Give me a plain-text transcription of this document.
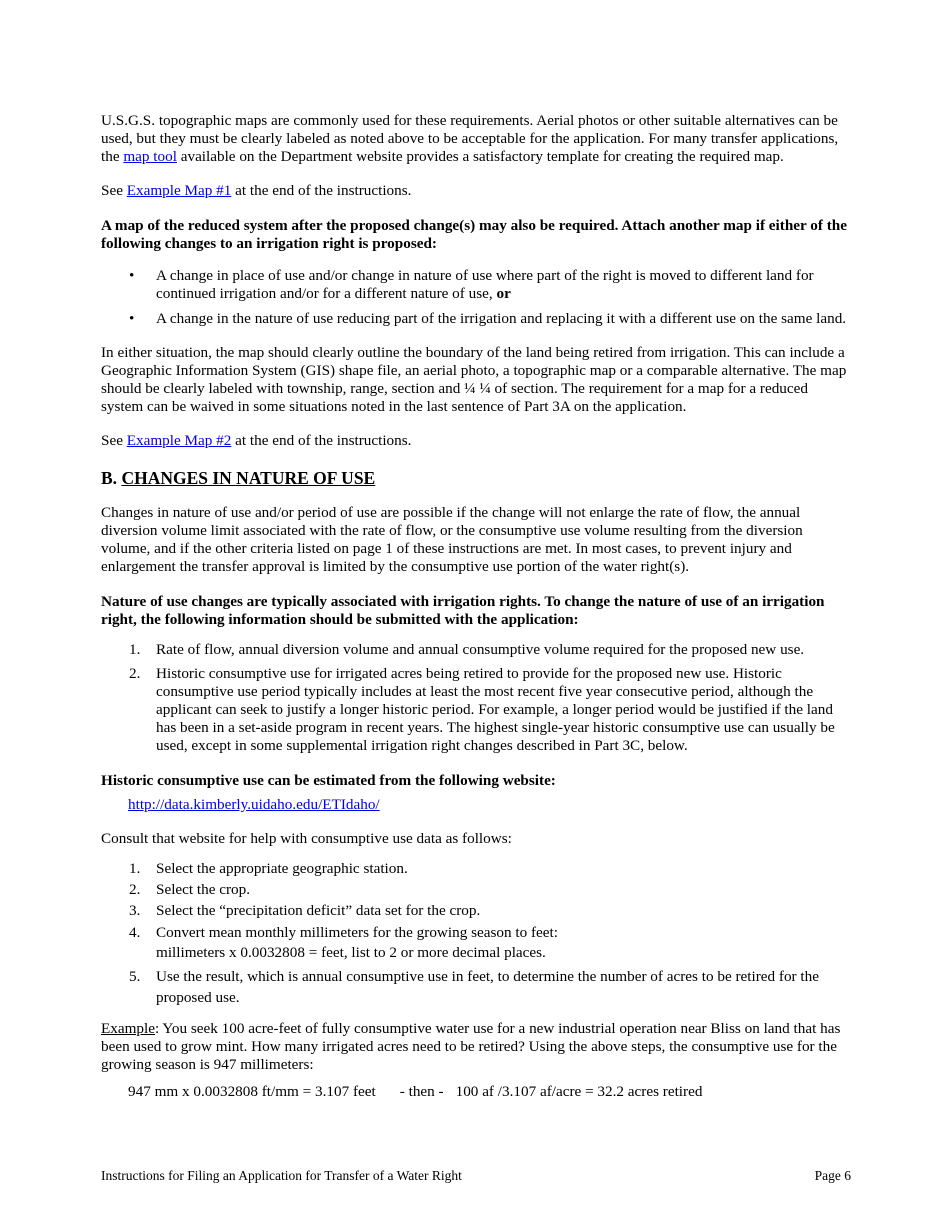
U.S.G.S. topographic maps are commonly used for these requirements. Aerial photos or other suitable alternatives can be used, but they must be clearly labeled as noted above to be acceptable for the application. For many transfer applications, the map tool available on the Department website provides a satisfactory template for creating the required map.

See Example Map #1 at the end of the instructions.

A map of the reduced system after the proposed change(s) may also be required. Attach another map if either of the following changes to an irrigation right is proposed:

• A change in place of use and/or change in nature of use where part of the right is moved to different land for continued irrigation and/or for a different nature of use, or
• A change in the nature of use reducing part of the irrigation and replacing it with a different use on the same land.

In either situation, the map should clearly outline the boundary of the land being retired from irrigation. This can include a Geographic Information System (GIS) shape file, an aerial photo, a topographic map or a comparable alternative. The map should be clearly labeled with township, range, section and ¼ ¼ of section. The requirement for a map for a reduced system can be waived in some situations noted in the last sentence of Part 3A on the application.

See Example Map #2 at the end of the instructions.

B. CHANGES IN NATURE OF USE

Changes in nature of use and/or period of use are possible if the change will not enlarge the rate of flow, the annual diversion volume limit associated with the rate of flow, or the consumptive use volume resulting from the diversion volume, and if the other criteria listed on page 1 of these instructions are met. In most cases, to prevent injury and enlargement the transfer approval is limited by the consumptive use portion of the water right(s).

Nature of use changes are typically associated with irrigation rights. To change the nature of use of an irrigation right, the following information should be submitted with the application:

1. Rate of flow, annual diversion volume and annual consumptive volume required for the proposed new use.
2. Historic consumptive use for irrigated acres being retired to provide for the proposed new use. Historic consumptive use period typically includes at least the most recent five year consecutive period, although the applicant can seek to justify a longer historic period. For example, a longer period would be justified if the land has been in a set-aside program in recent years. The highest single-year historic consumptive use can usually be used, except in some supplemental irrigation right changes described in Part 3C, below.

Historic consumptive use can be estimated from the following website:

http://data.kimberly.uidaho.edu/ETIdaho/

Consult that website for help with consumptive use data as follows:

1. Select the appropriate geographic station.
2. Select the crop.
3. Select the “precipitation deficit” data set for the crop.
4. Convert mean monthly millimeters for the growing season to feet:
millimeters x 0.0032808 = feet, list to 2 or more decimal places.
5. Use the result, which is annual consumptive use in feet, to determine the number of acres to be retired for the proposed use.

Example: You seek 100 acre-feet of fully consumptive water use for a new industrial operation near Bliss on land that has been used to grow mint. How many irrigated acres need to be retired? Using the above steps, the consumptive use for the growing season is 947 millimeters:

947 mm x 0.0032808 ft/mm = 3.107 feet - then - 100 af /3.107 af/acre = 32.2 acres retired

Instructions for Filing an Application for Transfer of a Water Right	Page 6
